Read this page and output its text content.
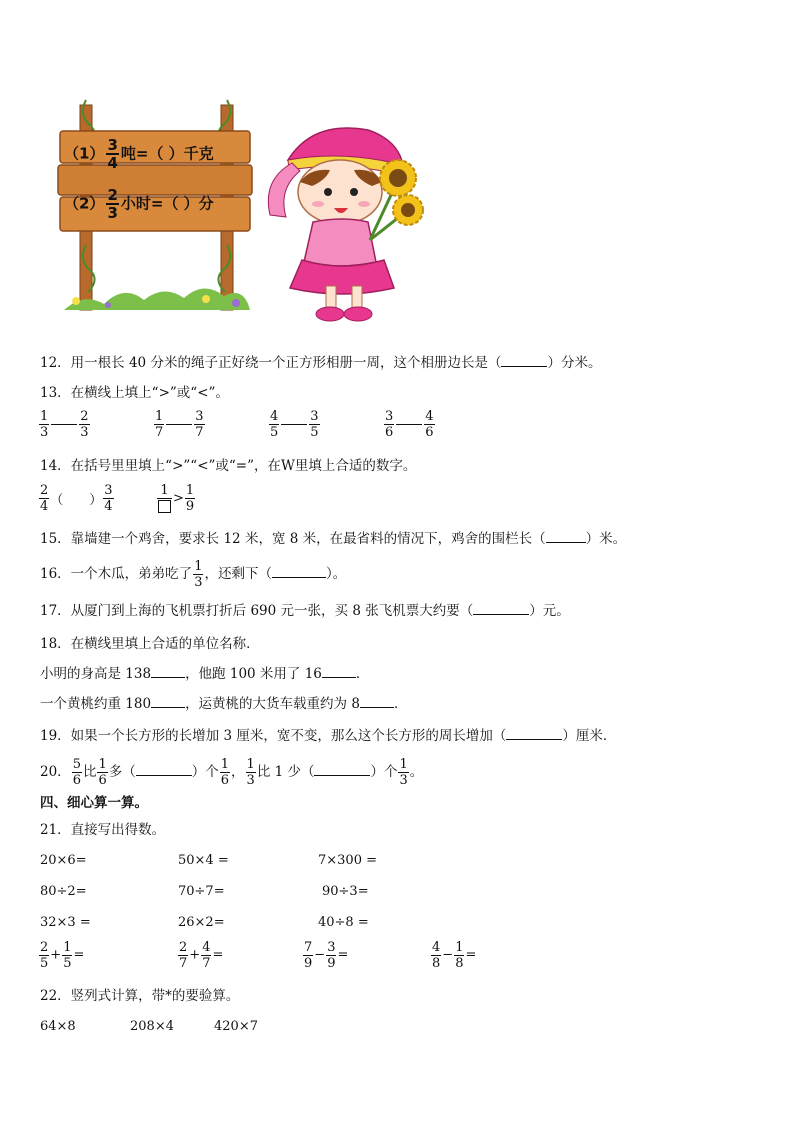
$(1) \frac{3}{4}$ 吨=（ ）千克
$(2) \frac{2}{3}$ 小时=（ ）分
12．用一根长 40 分米的绳子正好绕一个正方形相册一周，这个相册边长是（	）分米。
13．在横线上填上“>”或“<”。
$\frac{1}{3} \frac{2}{3}$	$\frac{1}{7} \frac{3}{7}$	$\frac{4}{5} \frac{3}{5}$	$\frac{3}{6} \frac{4}{6}$
14．在括号里里填上“>”“<”或“=”，在W里填上合适的数字。
$\frac{2}{4}$ （　　） $\frac{3}{4}$	1
> $\frac{1}{9}$
15．靠墙建一个鸡舍，要求长 12 米，宽 8 米，在最省料的情况下，鸡舍的围栏长（	）米。
16．一个木瓜，弟弟吃了 $\frac{1}{3}$ ，还剩下（	）。
17．从厦门到上海的飞机票打折后 690 元一张，买 8 张飞机票大约要（	）元。
18．在横线里填上合适的单位名称．
小明的身高是 138	，他跑 100 米用了 16	．
一个黄桃约重 180	，运黄桃的大货车载重约为 8	．
19．如果一个长方形的长增加 3 厘米，宽不变，那么这个长方形的周长增加（	）厘米．
20． $\frac{5}{6}$ 比 $\frac{1}{6}$ 多（	）个 $\frac{1}{6}$ ， $\frac{1}{3}$ 比 1 少（	）个 $\frac{1}{3}$ 。
四、细心算一算。
21．直接写出得数。
20×6=	50×4 =	7×300 =
80÷2=	70÷7=	90÷3=
32×3 =	26×2=	40÷8 =
$\frac{2}{5} + \frac{1}{5}$ =	$\frac{2}{7} + \frac{4}{7}$ =	$\frac{7}{9} - \frac{3}{9}$ =	$\frac{4}{8} - \frac{1}{8}$ =
22．竖列式计算，带*的要验算。
64×8	208×4	420×7
